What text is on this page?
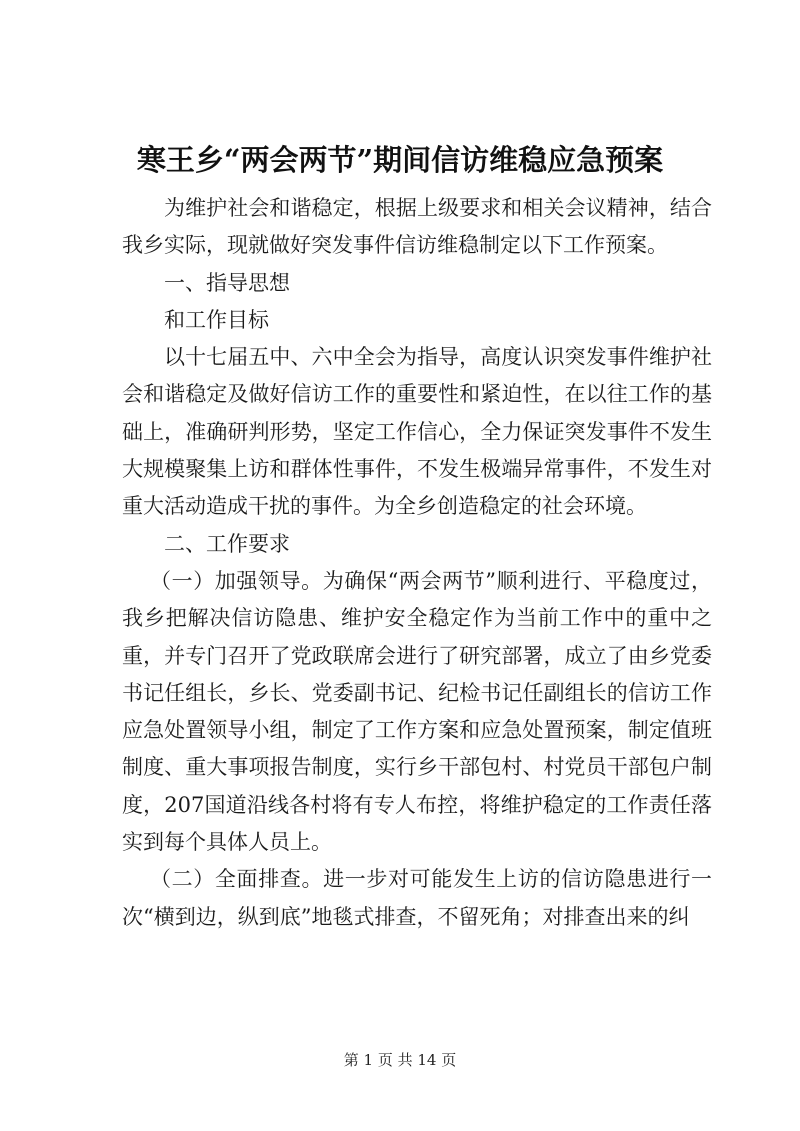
寒王乡“两会两节”期间信访维稳应急预案

为维护社会和谐稳定，根据上级要求和相关会议精神，结合我乡实际，现就做好突发事件信访维稳制定以下工作预案。

一、指导思想

和工作目标

以十七届五中、六中全会为指导，高度认识突发事件维护社会和谐稳定及做好信访工作的重要性和紧迫性，在以往工作的基础上，准确研判形势，坚定工作信心，全力保证突发事件不发生大规模聚集上访和群体性事件，不发生极端异常事件，不发生对重大活动造成干扰的事件。为全乡创造稳定的社会环境。

二、工作要求

（一）加强领导。为确保“两会两节”顺利进行、平稳度过，我乡把解决信访隐患、维护安全稳定作为当前工作中的重中之重，并专门召开了党政联席会进行了研究部署，成立了由乡党委书记任组长，乡长、党委副书记、纪检书记任副组长的信访工作应急处置领导小组，制定了工作方案和应急处置预案，制定值班制度、重大事项报告制度，实行乡干部包村、村党员干部包户制度，207国道沿线各村将有专人布控，将维护稳定的工作责任落实到每个具体人员上。

（二）全面排查。进一步对可能发生上访的信访隐患进行一次“横到边，纵到底”地毯式排查，不留死角；对排查出来的纠

第 1 页 共 14 页
